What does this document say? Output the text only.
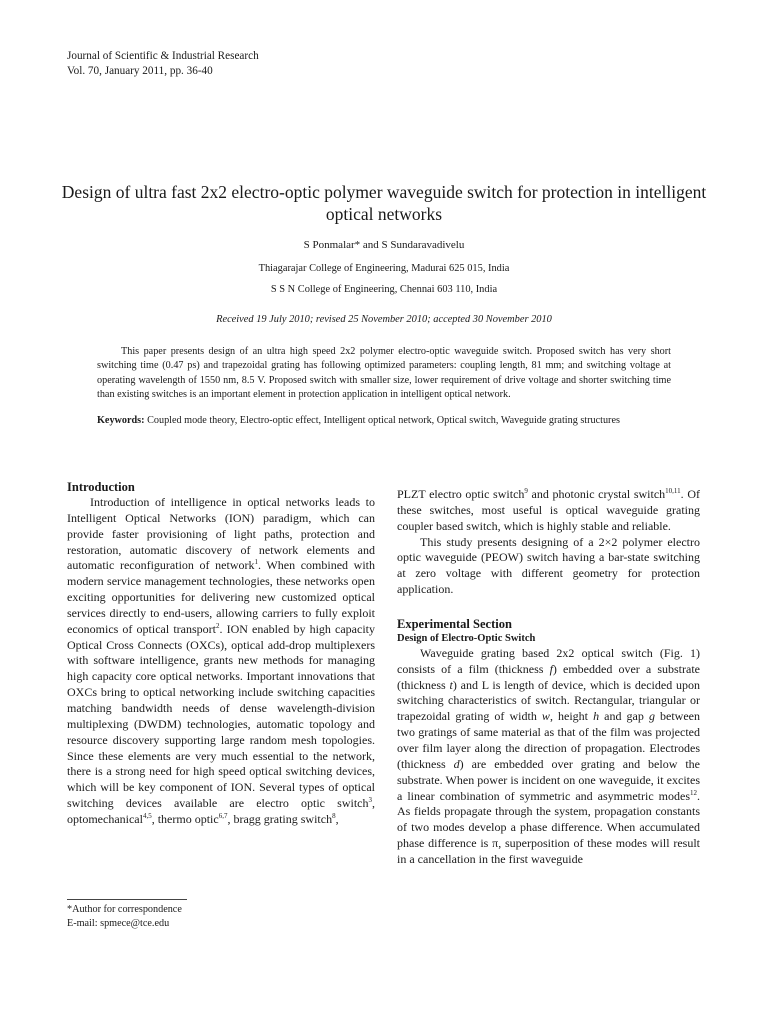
Journal of Scientific & Industrial Research
Vol. 70, January 2011, pp. 36-40
Design of ultra fast 2x2 electro-optic polymer waveguide switch for protection in intelligent optical networks
S Ponmalar* and S Sundaravadivelu
Thiagarajar College of Engineering, Madurai 625 015, India
S S N College of Engineering, Chennai 603 110, India
Received 19 July 2010; revised 25 November 2010; accepted 30 November 2010
This paper presents design of an ultra high speed 2x2 polymer electro-optic waveguide switch. Proposed switch has very short switching time (0.47 ps) and trapezoidal grating has following optimized parameters: coupling length, 81 mm; and switching voltage at operating wavelength of 1550 nm, 8.5 V. Proposed switch with smaller size, lower requirement of drive voltage and shorter switching time than existing switches is an important element in protection application in intelligent optical network.
Keywords: Coupled mode theory, Electro-optic effect, Intelligent optical network, Optical switch, Waveguide grating structures
Introduction

Introduction of intelligence in optical networks leads to Intelligent Optical Networks (ION) paradigm, which can provide faster provisioning of light paths, protection and restoration, automatic discovery of network elements and automatic reconfiguration of network$^1$. When combined with modern service management technologies, these networks open exciting opportunities for delivering new customized optical services directly to end-users, allowing carriers to fully exploit economics of optical transport$^2$. ION enabled by high capacity Optical Cross Connects (OXCs), optical add-drop multiplexers with software intelligence, grants new methods for managing high capacity core optical networks. Important innovations that OXCs bring to optical networking include switching capacities matching bandwidth needs of dense wavelength-division multiplexing (DWDM) technologies, automatic topology and resource discovery supporting large random mesh topologies. Since these elements are very much essential to the network, there is a strong need for high speed optical switching devices, which will be key component of ION. Several types of optical switching devices available are electro optic switch$^3$, optomechanical$^{4,5}$, thermo optic$^{6,7}$, bragg grating switch$^8$,

PLZT electro optic switch$^9$ and photonic crystal switch$^{10,11}$. Of these switches, most useful is optical waveguide grating coupler based switch, which is highly stable and reliable.

This study presents designing of a 2×2 polymer electro optic waveguide (PEOW) switch having a bar-state switching at zero voltage with different geometry for protection application.

Experimental Section
Design of Electro-Optic Switch

Waveguide grating based 2x2 optical switch (Fig. 1) consists of a film (thickness f) embedded over a substrate (thickness t) and L is length of device, which is decided upon switching characteristics of switch. Rectangular, triangular or trapezoidal grating of width w, height h and gap g between two gratings of same material as that of the film was projected over film layer along the direction of propagation. Electrodes (thickness d) are embedded over grating and below the substrate. When power is incident on one waveguide, it excites a linear combination of symmetric and asymmetric modes$^{12}$. As fields propagate through the system, propagation constants of two modes develop a phase difference. When accumulated phase difference is π, superposition of these modes will result in a cancellation in the first waveguide

*Author for correspondence
E-mail: spmece@tce.edu
